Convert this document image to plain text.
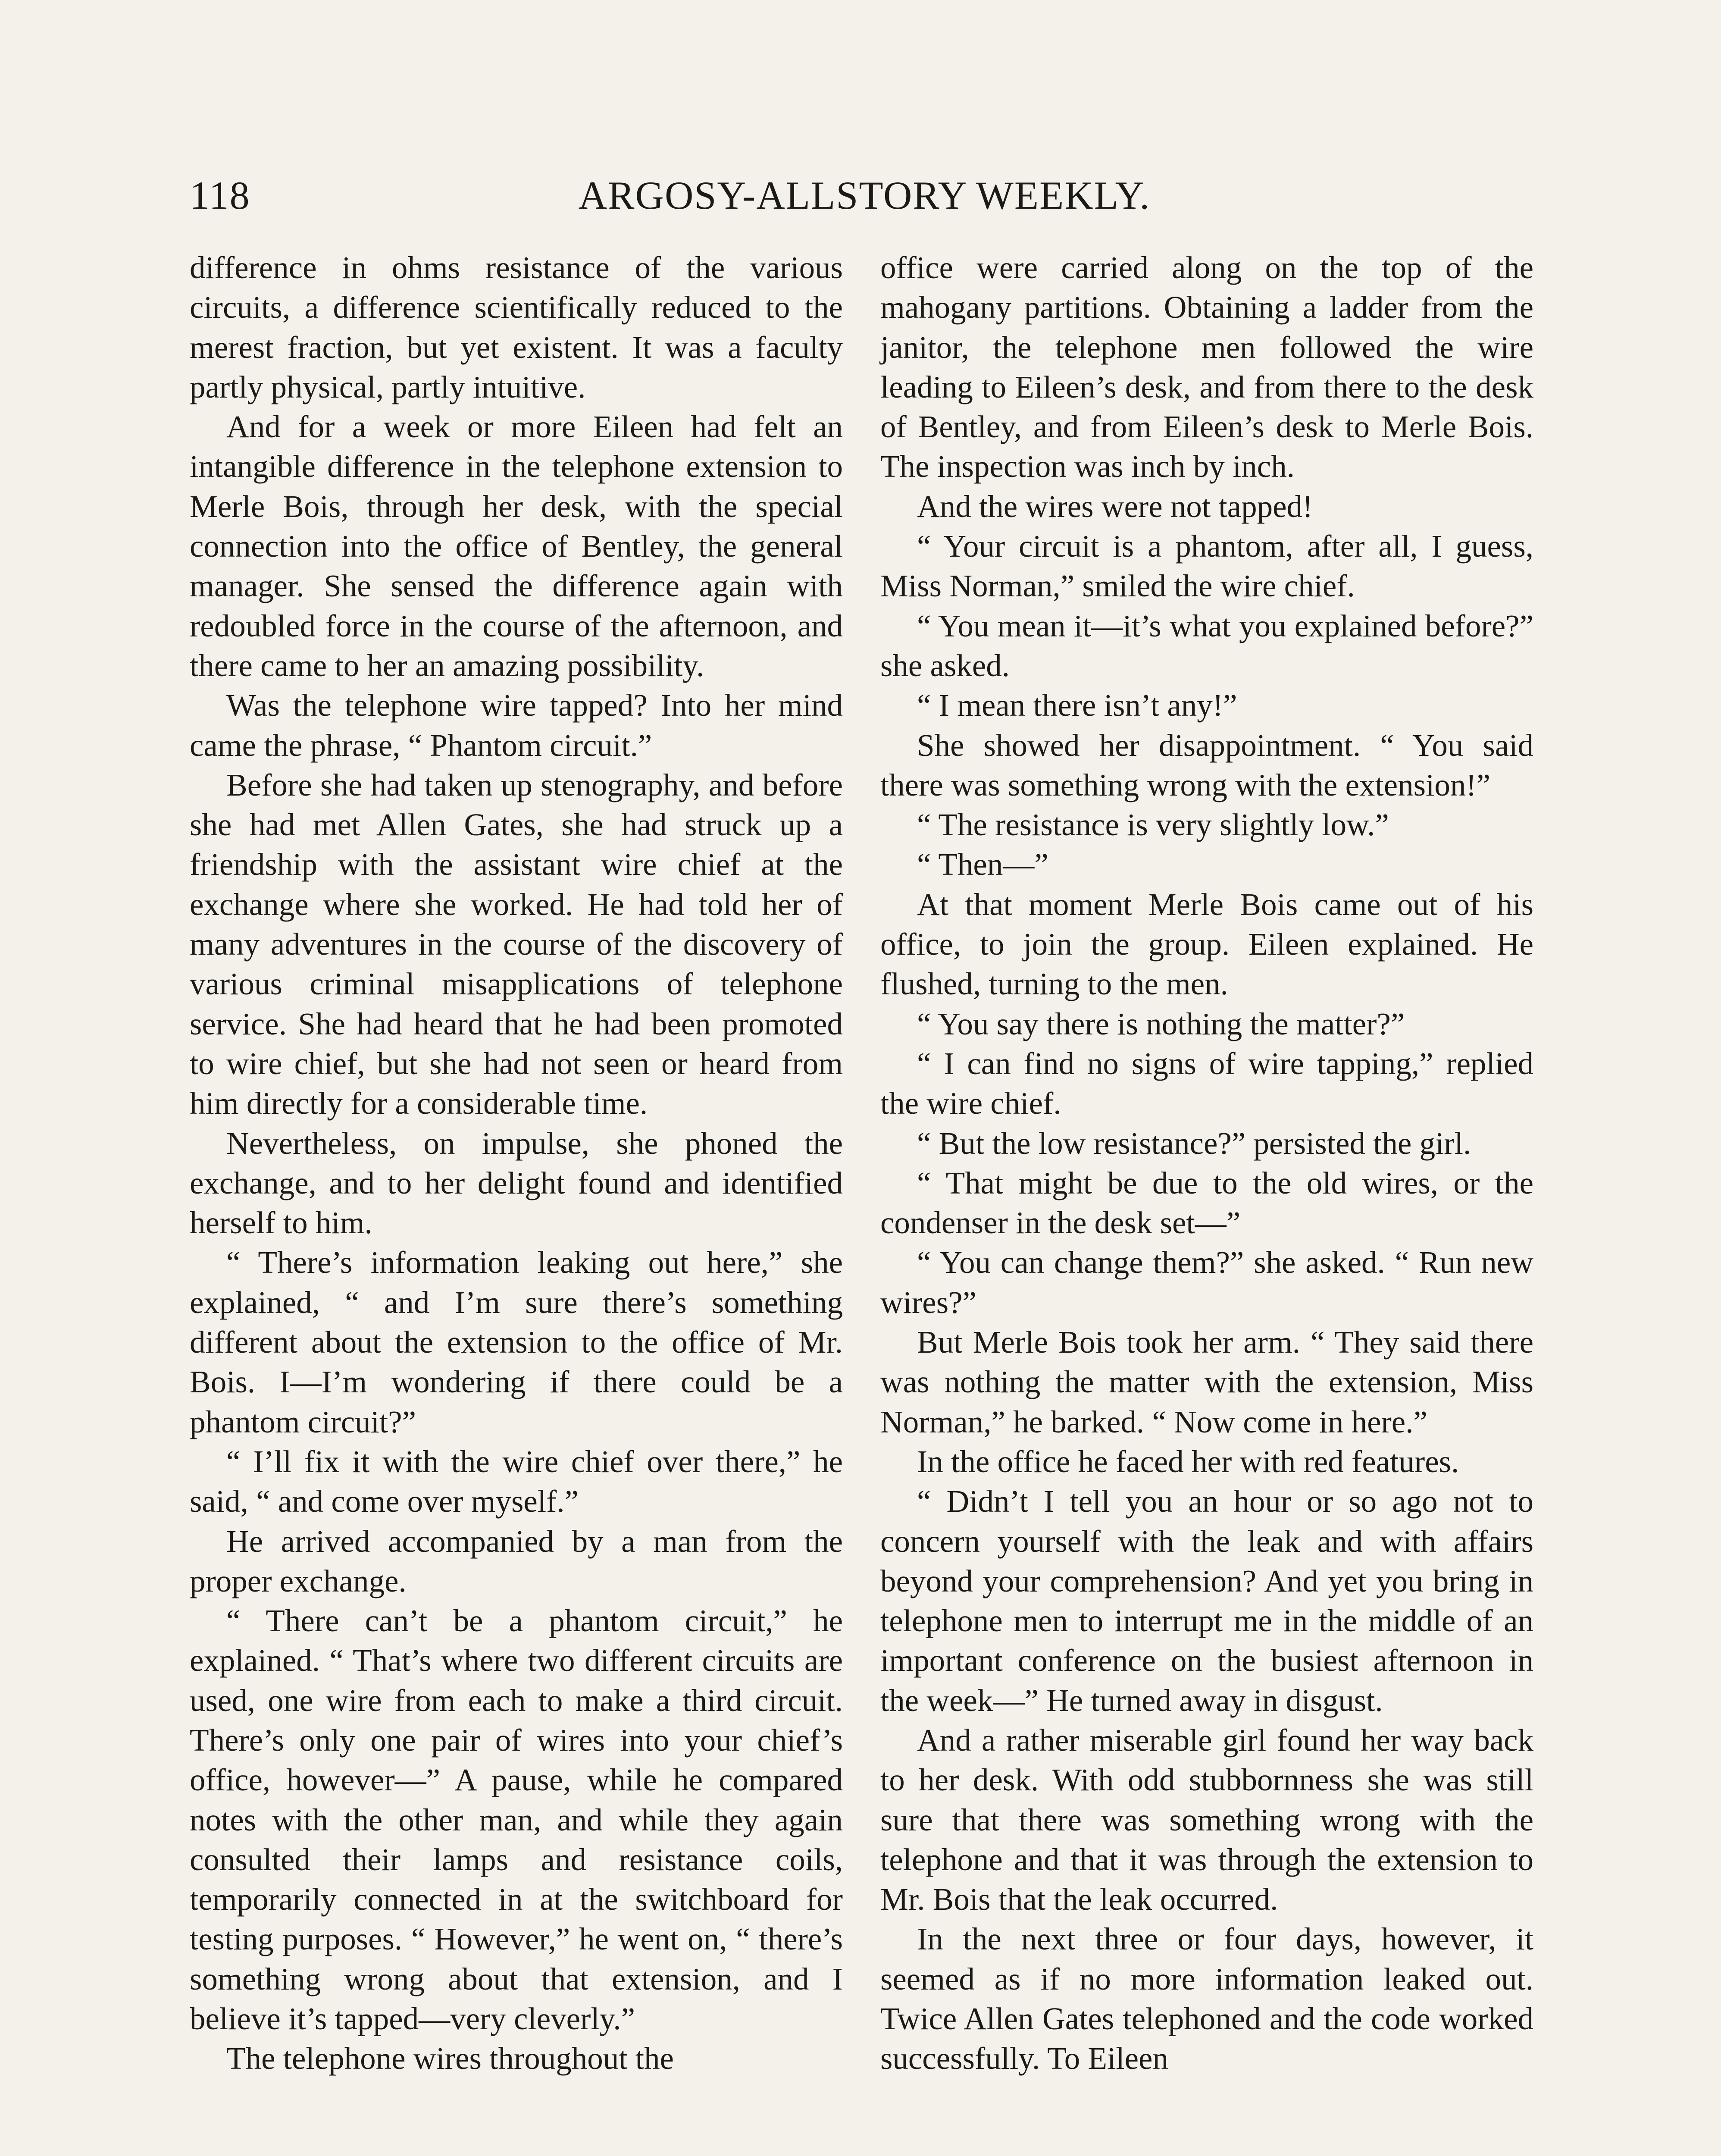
118	ARGOSY-ALLSTORY WEEKLY.

difference in ohms resistance of the various circuits, a difference scientifically reduced to the merest fraction, but yet existent. It was a faculty partly physical, partly intuitive.

And for a week or more Eileen had felt an intangible difference in the telephone extension to Merle Bois, through her desk, with the special connection into the office of Bentley, the general manager. She sensed the difference again with redoubled force in the course of the afternoon, and there came to her an amazing possibility.

Was the telephone wire tapped? Into her mind came the phrase, “ Phantom circuit.”

Before she had taken up stenography, and before she had met Allen Gates, she had struck up a friendship with the assistant wire chief at the exchange where she worked. He had told her of many adventures in the course of the discovery of various criminal misapplications of telephone service. She had heard that he had been promoted to wire chief, but she had not seen or heard from him directly for a considerable time.

Nevertheless, on impulse, she phoned the exchange, and to her delight found and identified herself to him.

“ There’s information leaking out here,” she explained, “ and I’m sure there’s something different about the extension to the office of Mr. Bois. I—I’m wondering if there could be a phantom circuit?”

“ I’ll fix it with the wire chief over there,” he said, “ and come over myself.”

He arrived accompanied by a man from the proper exchange.

“ There can’t be a phantom circuit,” he explained. “ That’s where two different circuits are used, one wire from each to make a third circuit. There’s only one pair of wires into your chief’s office, however—” A pause, while he compared notes with the other man, and while they again consulted their lamps and resistance coils, temporarily connected in at the switchboard for testing purposes. “ However,” he went on, “ there’s something wrong about that extension, and I believe it’s tapped—very cleverly.”

The telephone wires throughout the

office were carried along on the top of the mahogany partitions. Obtaining a ladder from the janitor, the telephone men followed the wire leading to Eileen’s desk, and from there to the desk of Bentley, and from Eileen’s desk to Merle Bois. The inspection was inch by inch.

And the wires were not tapped!

“ Your circuit is a phantom, after all, I guess, Miss Norman,” smiled the wire chief.

“ You mean it—it’s what you explained before?” she asked.

“ I mean there isn’t any!”

She showed her disappointment. “ You said there was something wrong with the extension!”

“ The resistance is very slightly low.”

“ Then—”

At that moment Merle Bois came out of his office, to join the group. Eileen explained. He flushed, turning to the men.

“ You say there is nothing the matter?”

“ I can find no signs of wire tapping,” replied the wire chief.

“ But the low resistance?” persisted the girl.

“ That might be due to the old wires, or the condenser in the desk set—”

“ You can change them?” she asked. “ Run new wires?”

But Merle Bois took her arm. “ They said there was nothing the matter with the extension, Miss Norman,” he barked. “ Now come in here.”

In the office he faced her with red features.

“ Didn’t I tell you an hour or so ago not to concern yourself with the leak and with affairs beyond your comprehension? And yet you bring in telephone men to interrupt me in the middle of an important conference on the busiest afternoon in the week—” He turned away in disgust.

And a rather miserable girl found her way back to her desk. With odd stubbornness she was still sure that there was something wrong with the telephone and that it was through the extension to Mr. Bois that the leak occurred.

In the next three or four days, however, it seemed as if no more information leaked out. Twice Allen Gates telephoned and the code worked successfully. To Eileen
